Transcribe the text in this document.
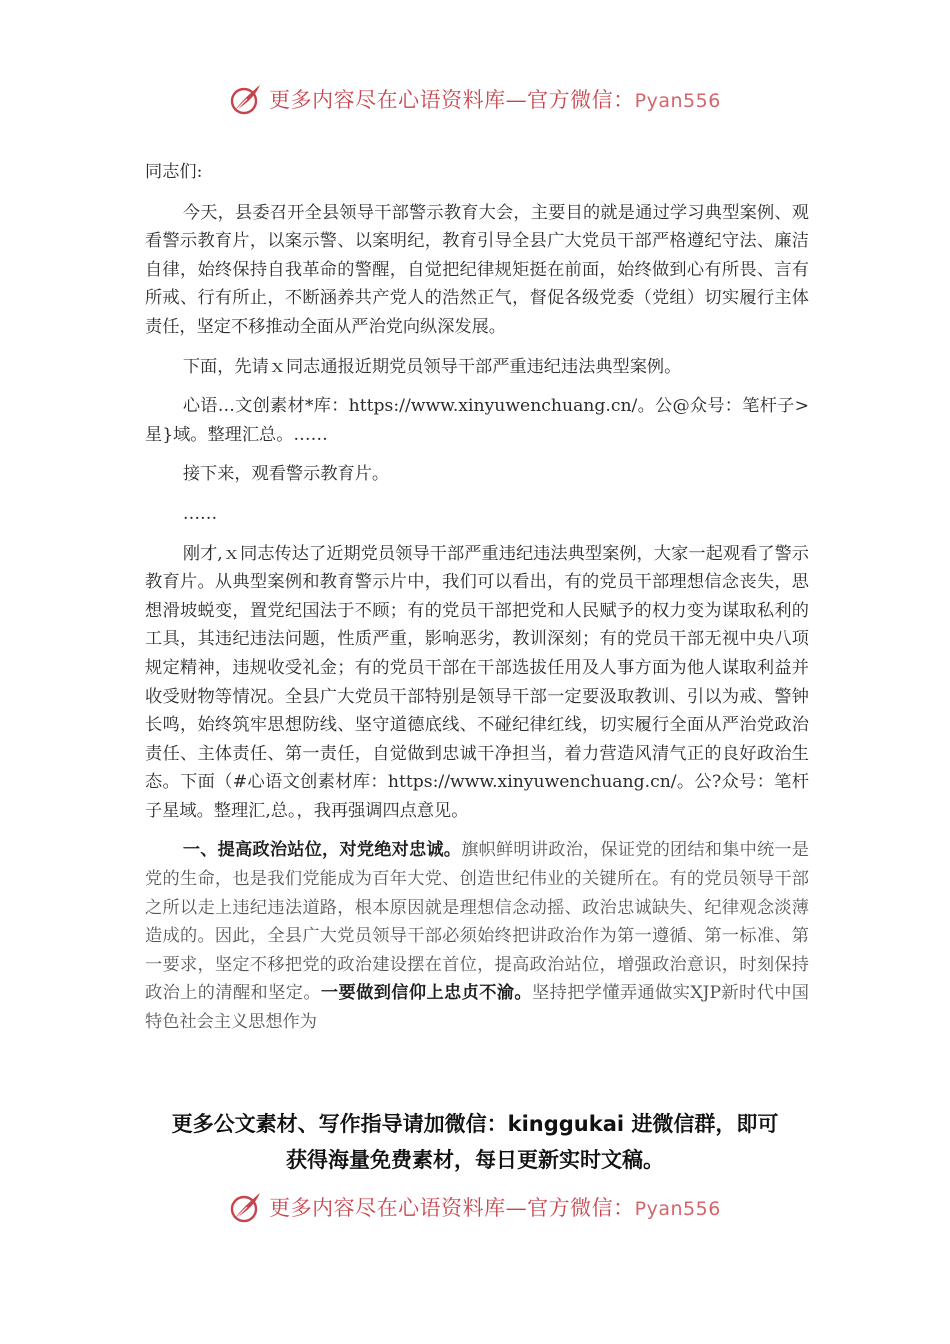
更多内容尽在心语资料库—官方微信：Pyan556

同志们:

今天，县委召开全县领导干部警示教育大会，主要目的就是通过学习典型案例、观看警示教育片，以案示警、以案明纪，教育引导全县广大党员干部严格遵纪守法、廉洁自律，始终保持自我革命的警醒，自觉把纪律规矩挺在前面，始终做到心有所畏、言有所戒、行有所止，不断涵养共产党人的浩然正气，督促各级党委（党组）切实履行主体责任，坚定不移推动全面从严治党向纵深发展。

下面，先请ｘ同志通报近期党员领导干部严重违纪违法典型案例。

心语…文创素材*库：https://www.xinyuwenchuang.cn/。公@众号：笔杆子>星}域。整理汇总。……

接下来，观看警示教育片。

……

刚才,ｘ同志传达了近期党员领导干部严重违纪违法典型案例，大家一起观看了警示教育片。从典型案例和教育警示片中，我们可以看出，有的党员干部理想信念丧失，思想滑坡蜕变，置党纪国法于不顾；有的党员干部把党和人民赋予的权力变为谋取私利的工具，其违纪违法问题，性质严重，影响恶劣，教训深刻；有的党员干部无视中央八项规定精神，违规收受礼金；有的党员干部在干部选拔任用及人事方面为他人谋取利益并收受财物等情况。全县广大党员干部特别是领导干部一定要汲取教训、引以为戒、警钟长鸣，始终筑牢思想防线、坚守道德底线、不碰纪律红线，切实履行全面从严治党政治责任、主体责任、第一责任，自觉做到忠诚干净担当，着力营造风清气正的良好政治生态。下面（#心语文创素材库：https://www.xinyuwenchuang.cn/。公?众号：笔杆子星域。整理汇,总。，我再强调四点意见。

一、提高政治站位，对党绝对忠诚。旗帜鲜明讲政治，保证党的团结和集中统一是党的生命，也是我们党能成为百年大党、创造世纪伟业的关键所在。有的党员领导干部之所以走上违纪违法道路，根本原因就是理想信念动摇、政治忠诚缺失、纪律观念淡薄造成的。因此，全县广大党员领导干部必须始终把讲政治作为第一遵循、第一标准、第一要求，坚定不移把党的政治建设摆在首位，提高政治站位，增强政治意识，时刻保持政治上的清醒和坚定。一要做到信仰上忠贞不渝。坚持把学懂弄通做实XJP新时代中国特色社会主义思想作为

更多公文素材、写作指导请加微信：kinggukai 进微信群，即可
获得海量免费素材，每日更新实时文稿。
更多内容尽在心语资料库—官方微信：Pyan556
